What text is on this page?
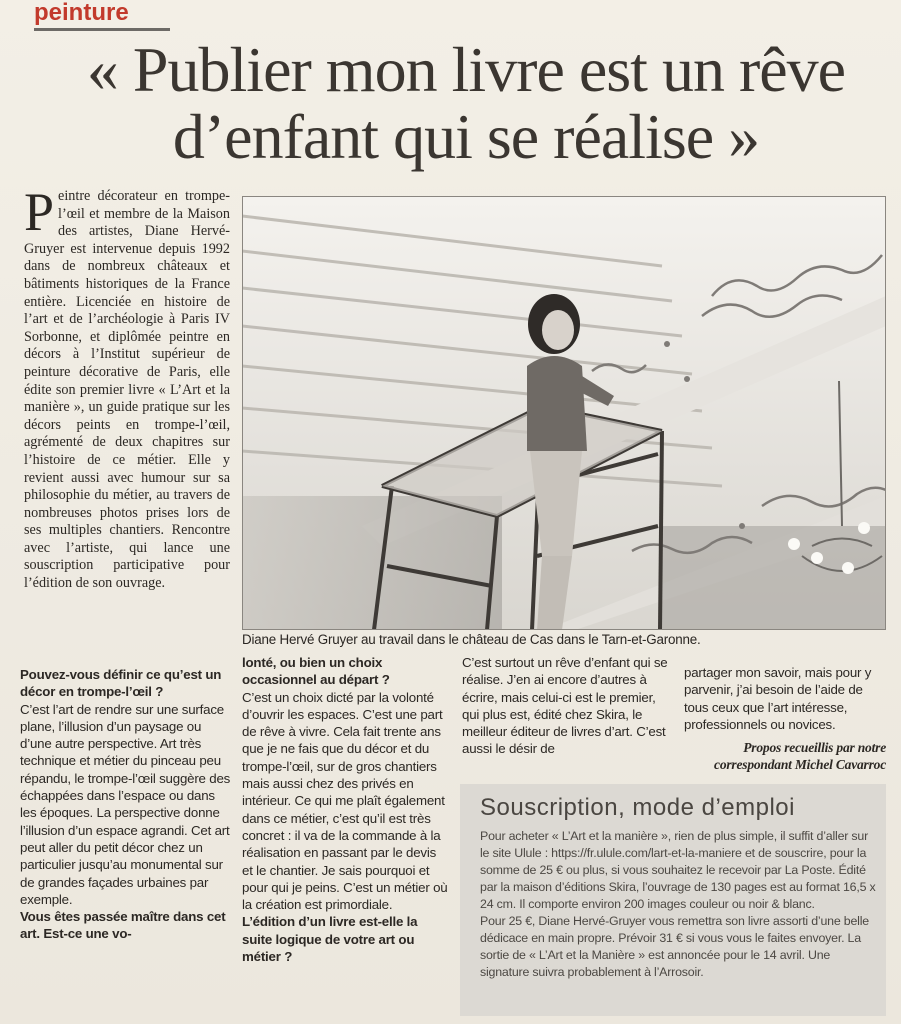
peinture
« Publier mon livre est un rêve
d’enfant qui se réalise »
P eintre décorateur en trompe-l’œil et membre de la Maison des artistes, Diane Hervé-Gruyer est intervenue depuis 1992 dans de nombreux châteaux et bâtiments historiques de la France entière. Licenciée en histoire de l’art et de l’archéologie à Paris IV Sorbonne, et diplômée peintre en décors à l’Institut supérieur de peinture décorative de Paris, elle édite son premier livre « L’Art et la manière », un guide pratique sur les décors peints en trompe-l’œil, agrémenté de deux chapitres sur l’histoire de ce métier. Elle y revient aussi avec humour sur sa philosophie du métier, au travers de nombreuses photos prises lors de ses multiples chantiers. Rencontre avec l’artiste, qui lance une souscription participative pour l’édition de son ouvrage.
Diane Hervé Gruyer au travail dans le château de Cas dans le Tarn-et-Garonne.
Pouvez-vous définir ce qu’est un décor en trompe-l’œil ?

C’est l’art de rendre sur une surface plane, l’illusion d’un paysage ou d’une autre perspective. Art très technique et métier du pinceau peu répandu, le trompe-l’œil suggère des échappées dans l’espace ou dans les époques. La perspective donne l’illusion d’un espace agrandi. Cet art peut aller du petit décor chez un particulier jusqu’au monumental sur de grandes façades urbaines par exemple.

Vous êtes passée maître dans cet art. Est-ce une vo-
lonté, ou bien un choix occasionnel au départ ?

C’est un choix dicté par la volonté d’ouvrir les espaces. C’est une part de rêve à vivre. Cela fait trente ans que je ne fais que du décor et du trompe-l’œil, sur de gros chantiers mais aussi chez des privés en intérieur. Ce qui me plaît également dans ce métier, c’est qu’il est très concret : il va de la commande à la réalisation en passant par le devis et le chantier. Je sais pourquoi et pour qui je peins. C’est un métier où la création est primordiale.

L’édition d’un livre est-elle la suite logique de votre art ou métier ?

C’est surtout un rêve d’enfant qui se réalise. J’en ai encore d’autres à écrire, mais celui-ci est le premier, qui plus est, édité chez Skira, le meilleur éditeur de livres d’art. C’est aussi le désir de

partager mon savoir, mais pour y parvenir, j’ai besoin de l’aide de tous ceux que l’art intéresse, professionnels ou novices.

Propos recueillis par notre correspondant Michel Cavarroc
Souscription, mode d’emploi

Pour acheter « L’Art et la manière », rien de plus simple, il suffit d’aller sur le site Ulule : https://fr.ulule.com/lart-et-la-maniere et de souscrire, pour la somme de 25 € ou plus, si vous souhaitez le recevoir par La Poste. Édité par la maison d’éditions Skira, l’ouvrage de 130 pages est au format 16,5 x 24 cm. Il comporte environ 200 images couleur ou noir & blanc.

Pour 25 €, Diane Hervé-Gruyer vous remettra son livre assorti d’une belle dédicace en main propre. Prévoir 31 € si vous vous le faites envoyer. La sortie de « L’Art et la Manière » est annoncée pour le 14 avril. Une signature suivra probablement à l’Arrosoir.
